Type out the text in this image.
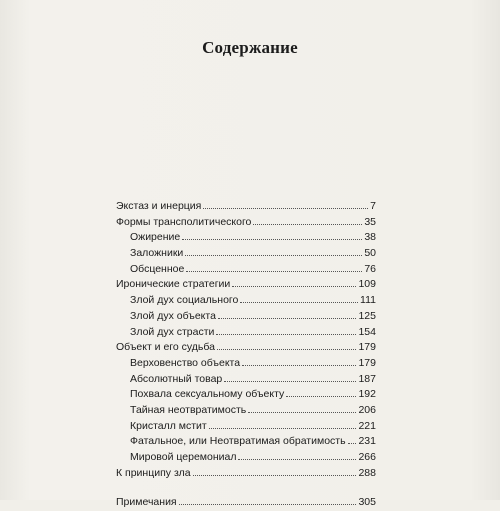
Содержание
Экстаз и инерция	7
Формы транcполитического	35
Ожирение	38
Заложники	50
Обсценное	76
Иронические стратегии	109
Злой дух социального	111
Злой дух объекта	125
Злой дух страсти	154
Объект и его судьба	179
Верховенство объекта	179
Абсолютный товар	187
Похвала сексуальному объекту	192
Тайная неотвратимость	206
Кристалл мстит	221
Фатальное, или Неотвратимая обратимость 231
Мировой церемониал	266
К принципу зла	288
Примечания	305
